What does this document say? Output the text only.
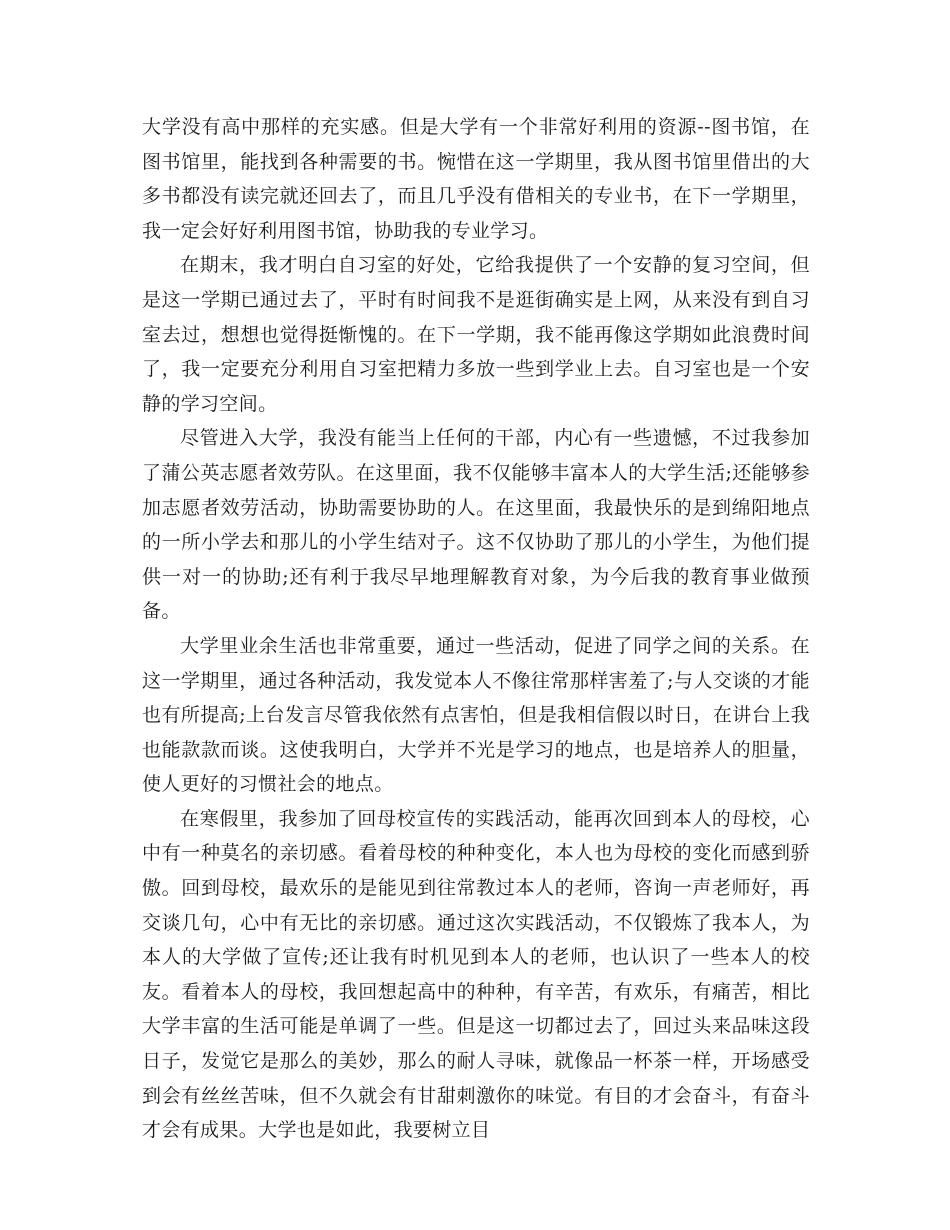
大学没有高中那样的充实感。但是大学有一个非常好利用的资源--图书馆，在图书馆里，能找到各种需要的书。惋惜在这一学期里，我从图书馆里借出的大多书都没有读完就还回去了，而且几乎没有借相关的专业书，在下一学期里，我一定会好好利用图书馆，协助我的专业学习。

在期末，我才明白自习室的好处，它给我提供了一个安静的复习空间，但是这一学期已通过去了，平时有时间我不是逛街确实是上网，从来没有到自习室去过，想想也觉得挺惭愧的。在下一学期，我不能再像这学期如此浪费时间了，我一定要充分利用自习室把精力多放一些到学业上去。自习室也是一个安静的学习空间。

尽管进入大学，我没有能当上任何的干部，内心有一些遗憾，不过我参加了蒲公英志愿者效劳队。在这里面，我不仅能够丰富本人的大学生活;还能够参加志愿者效劳活动，协助需要协助的人。在这里面，我最快乐的是到绵阳地点的一所小学去和那儿的小学生结对子。这不仅协助了那儿的小学生，为他们提供一对一的协助;还有利于我尽早地理解教育对象，为今后我的教育事业做预备。

大学里业余生活也非常重要，通过一些活动，促进了同学之间的关系。在这一学期里，通过各种活动，我发觉本人不像往常那样害羞了;与人交谈的才能也有所提高;上台发言尽管我依然有点害怕，但是我相信假以时日，在讲台上我也能款款而谈。这使我明白，大学并不光是学习的地点，也是培养人的胆量，使人更好的习惯社会的地点。

在寒假里，我参加了回母校宣传的实践活动，能再次回到本人的母校，心中有一种莫名的亲切感。看着母校的种种变化，本人也为母校的变化而感到骄傲。回到母校，最欢乐的是能见到往常教过本人的老师，咨询一声老师好，再交谈几句，心中有无比的亲切感。通过这次实践活动，不仅锻炼了我本人，为本人的大学做了宣传;还让我有时机见到本人的老师，也认识了一些本人的校友。看着本人的母校，我回想起高中的种种，有辛苦，有欢乐，有痛苦，相比大学丰富的生活可能是单调了一些。但是这一切都过去了，回过头来品味这段日子，发觉它是那么的美妙，那么的耐人寻味，就像品一杯茶一样，开场感受到会有丝丝苦味，但不久就会有甘甜刺激你的味觉。有目的才会奋斗，有奋斗才会有成果。大学也是如此，我要树立目
